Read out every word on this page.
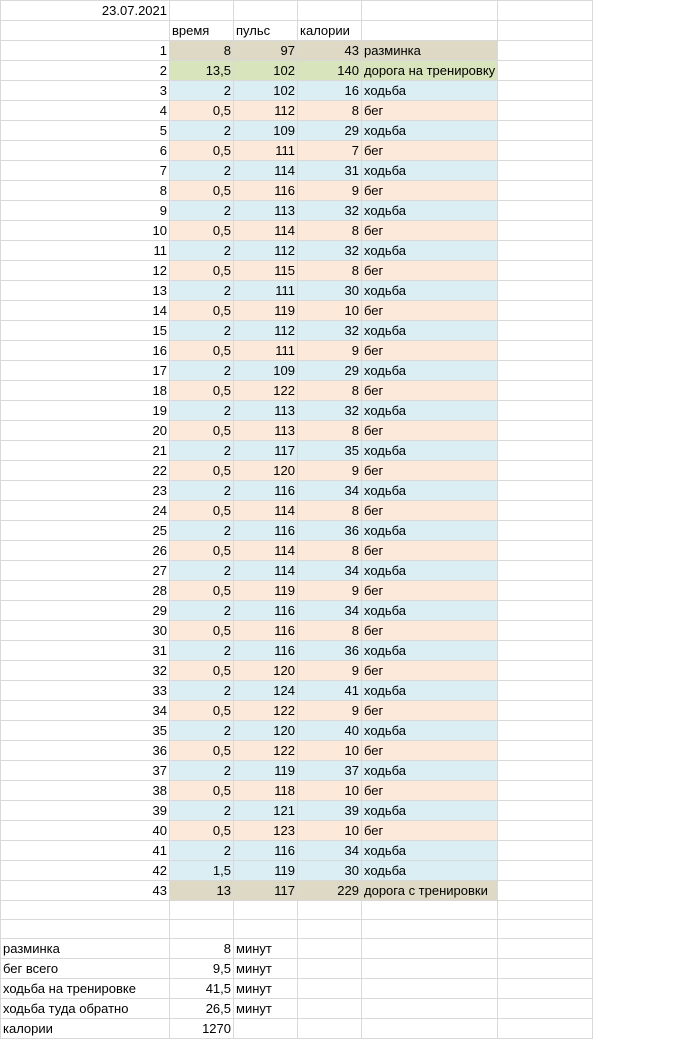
23.07.2021					
	время	пульс	калории		
1	8	97	43	разминка	
2	13,5	102	140	дорога на тренировку	
3	2	102	16	ходьба	
4	0,5	112	8	бег	
5	2	109	29	ходьба	
6	0,5	111	7	бег	
7	2	114	31	ходьба	
8	0,5	116	9	бег	
9	2	113	32	ходьба	
10	0,5	114	8	бег	
11	2	112	32	ходьба	
12	0,5	115	8	бег	
13	2	111	30	ходьба	
14	0,5	119	10	бег	
15	2	112	32	ходьба	
16	0,5	111	9	бег	
17	2	109	29	ходьба	
18	0,5	122	8	бег	
19	2	113	32	ходьба	
20	0,5	113	8	бег	
21	2	117	35	ходьба	
22	0,5	120	9	бег	
23	2	116	34	ходьба	
24	0,5	114	8	бег	
25	2	116	36	ходьба	
26	0,5	114	8	бег	
27	2	114	34	ходьба	
28	0,5	119	9	бег	
29	2	116	34	ходьба	
30	0,5	116	8	бег	
31	2	116	36	ходьба	
32	0,5	120	9	бег	
33	2	124	41	ходьба	
34	0,5	122	9	бег	
35	2	120	40	ходьба	
36	0,5	122	10	бег	
37	2	119	37	ходьба	
38	0,5	118	10	бег	
39	2	121	39	ходьба	
40	0,5	123	10	бег	
41	2	116	34	ходьба	
42	1,5	119	30	ходьба	
43	13	117	229	дорога с тренировки	

разминка	8	минут			
бег всего	9,5	минут			
ходьба на тренировке	41,5	минут			
ходьба туда обратно	26,5	минут			
калории	1270				
